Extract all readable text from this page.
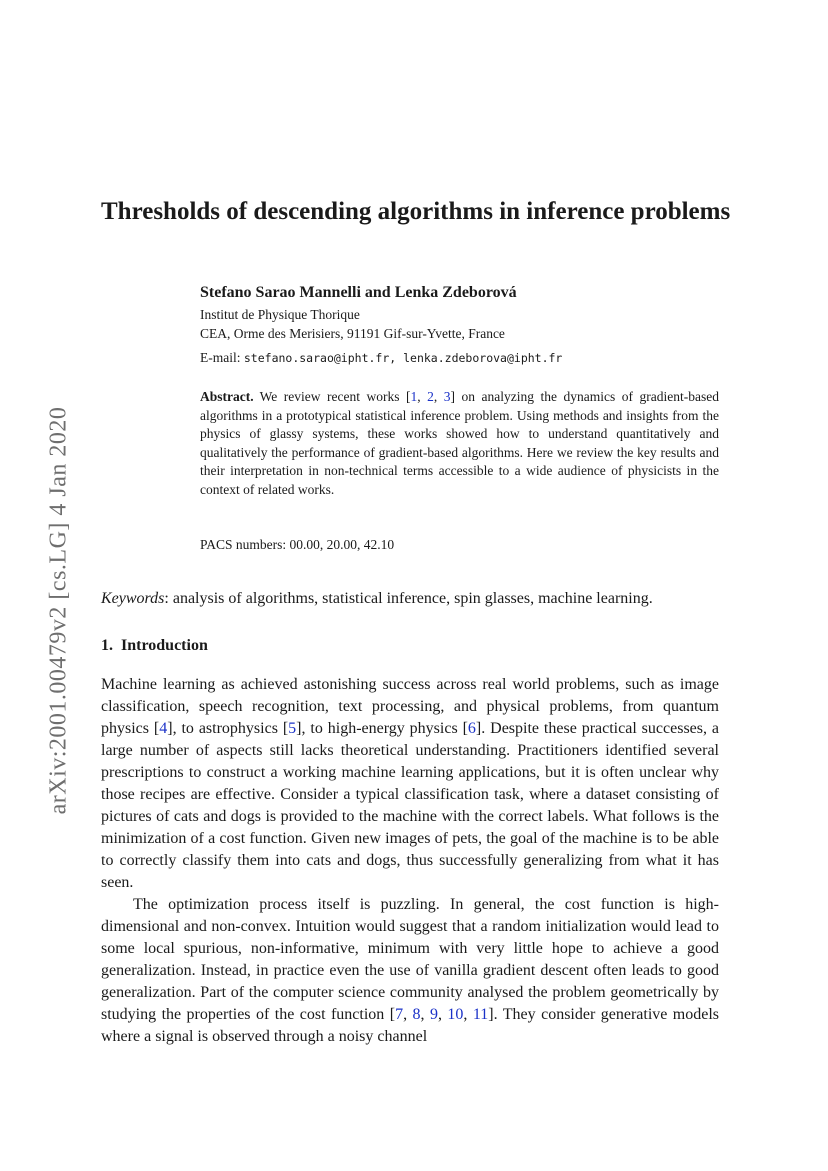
arXiv:2001.00479v2 [cs.LG] 4 Jan 2020
Thresholds of descending algorithms in inference problems
Stefano Sarao Mannelli and Lenka Zdeborová
Institut de Physique Thorique
CEA, Orme des Merisiers, 91191 Gif-sur-Yvette, France
E-mail: stefano.sarao@ipht.fr, lenka.zdeborova@ipht.fr

Abstract. We review recent works [1, 2, 3] on analyzing the dynamics of gradient-based algorithms in a prototypical statistical inference problem. Using methods and insights from the physics of glassy systems, these works showed how to understand quantitatively and qualitatively the performance of gradient-based algorithms. Here we review the key results and their interpretation in non-technical terms accessible to a wide audience of physicists in the context of related works.

PACS numbers: 00.00, 20.00, 42.10
Keywords: analysis of algorithms, statistical inference, spin glasses, machine learning.
1. Introduction

Machine learning as achieved astonishing success across real world problems, such as image classification, speech recognition, text processing, and physical problems, from quantum physics [4], to astrophysics [5], to high-energy physics [6]. Despite these practical successes, a large number of aspects still lacks theoretical understanding. Practitioners identified several prescriptions to construct a working machine learning applications, but it is often unclear why those recipes are effective. Consider a typical classification task, where a dataset consisting of pictures of cats and dogs is provided to the machine with the correct labels. What follows is the minimization of a cost function. Given new images of pets, the goal of the machine is to be able to correctly classify them into cats and dogs, thus successfully generalizing from what it has seen.

The optimization process itself is puzzling. In general, the cost function is high-dimensional and non-convex. Intuition would suggest that a random initialization would lead to some local spurious, non-informative, minimum with very little hope to achieve a good generalization. Instead, in practice even the use of vanilla gradient descent often leads to good generalization. Part of the computer science community analysed the problem geometrically by studying the properties of the cost function [7, 8, 9, 10, 11]. They consider generative models where a signal is observed through a noisy channel
